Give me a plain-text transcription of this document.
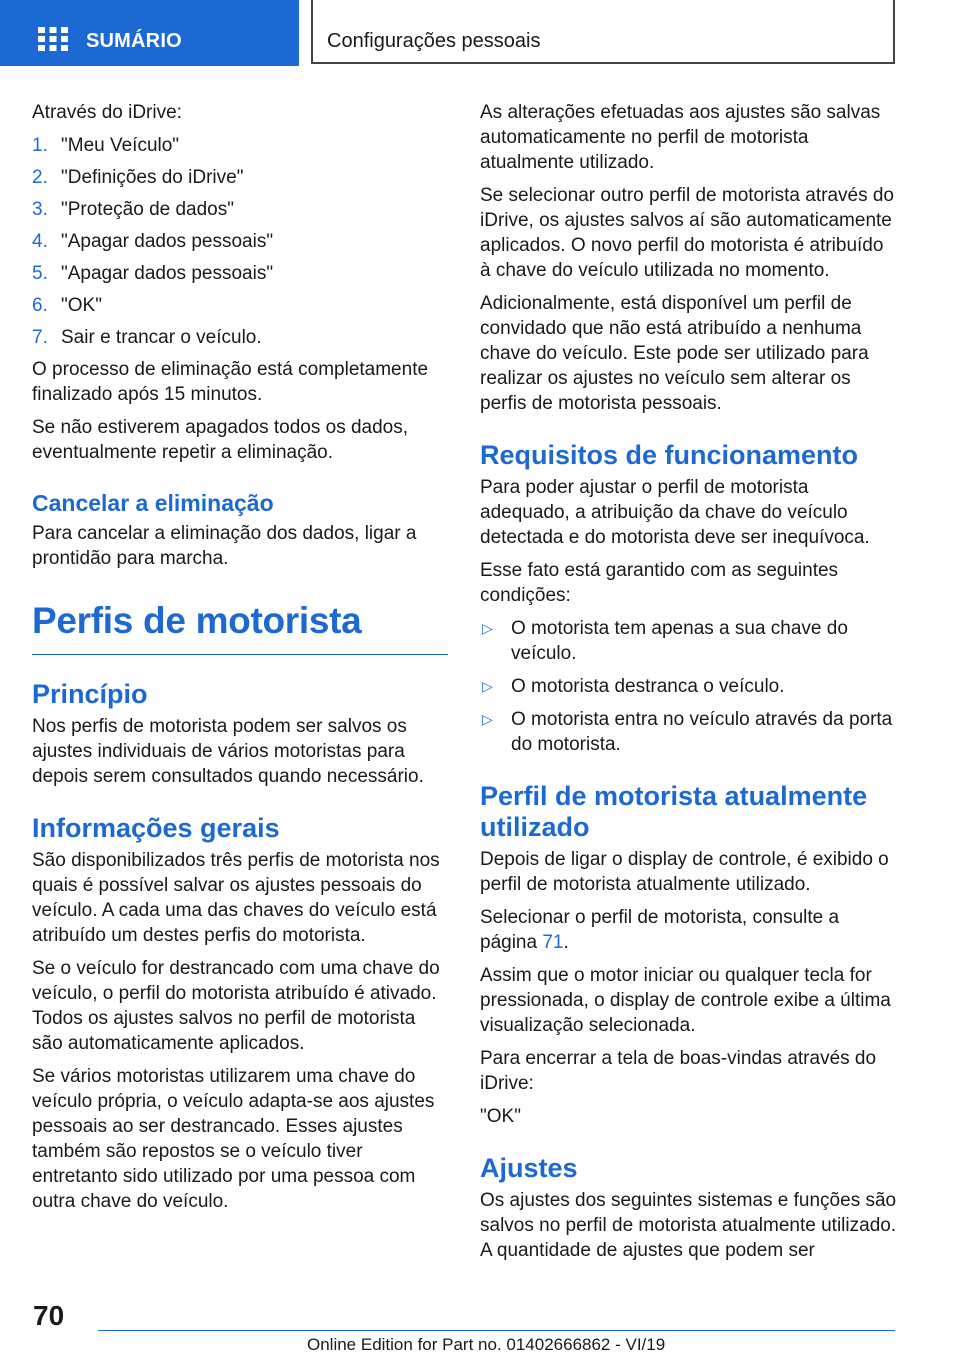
SUMÁRIO	Configurações pessoais

Através do iDrive:

1. "Meu Veículo"
2. "Definições do iDrive"
3. "Proteção de dados"
4. "Apagar dados pessoais"
5. "Apagar dados pessoais"
6. "OK"
7. Sair e trancar o veículo.

O processo de eliminação está completamente finalizado após 15 minutos.

Se não estiverem apagados todos os dados, eventualmente repetir a eliminação.

Cancelar a eliminação

Para cancelar a eliminação dos dados, ligar a prontidão para marcha.

Perfis de motorista
Princípio

Nos perfis de motorista podem ser salvos os ajustes individuais de vários motoristas para depois serem consultados quando necessário.

Informações gerais

São disponibilizados três perfis de motorista nos quais é possível salvar os ajustes pessoais do veículo. A cada uma das chaves do veículo está atribuído um destes perfis do motorista.

Se o veículo for destrancado com uma chave do veículo, o perfil do motorista atribuído é ativado. Todos os ajustes salvos no perfil de motorista são automaticamente aplicados.

Se vários motoristas utilizarem uma chave do veículo própria, o veículo adapta-se aos ajustes pessoais ao ser destrancado. Esses ajustes também são repostos se o veículo tiver entretanto sido utilizado por uma pessoa com outra chave do veículo.

As alterações efetuadas aos ajustes são salvas automaticamente no perfil de motorista atualmente utilizado.

Se selecionar outro perfil de motorista através do iDrive, os ajustes salvos aí são automaticamente aplicados. O novo perfil do motorista é atribuído à chave do veículo utilizada no momento.

Adicionalmente, está disponível um perfil de convidado que não está atribuído a nenhuma chave do veículo. Este pode ser utilizado para realizar os ajustes no veículo sem alterar os perfis de motorista pessoais.

Requisitos de funcionamento

Para poder ajustar o perfil de motorista adequado, a atribuição da chave do veículo detectada e do motorista deve ser inequívoca.

Esse fato está garantido com as seguintes condições:

▷ O motorista tem apenas a sua chave do veículo.
▷ O motorista destranca o veículo.
▷ O motorista entra no veículo através da porta do motorista.
Perfil de motorista atualmente utilizado

Depois de ligar o display de controle, é exibido o perfil de motorista atualmente utilizado.

Selecionar o perfil de motorista, consulte a página 71.

Assim que o motor iniciar ou qualquer tecla for pressionada, o display de controle exibe a última visualização selecionada.

Para encerrar a tela de boas-vindas através do iDrive:

"OK"

Ajustes

Os ajustes dos seguintes sistemas e funções são salvos no perfil de motorista atualmente utilizado. A quantidade de ajustes que podem ser

70
Online Edition for Part no. 01402666862 - VI/19
